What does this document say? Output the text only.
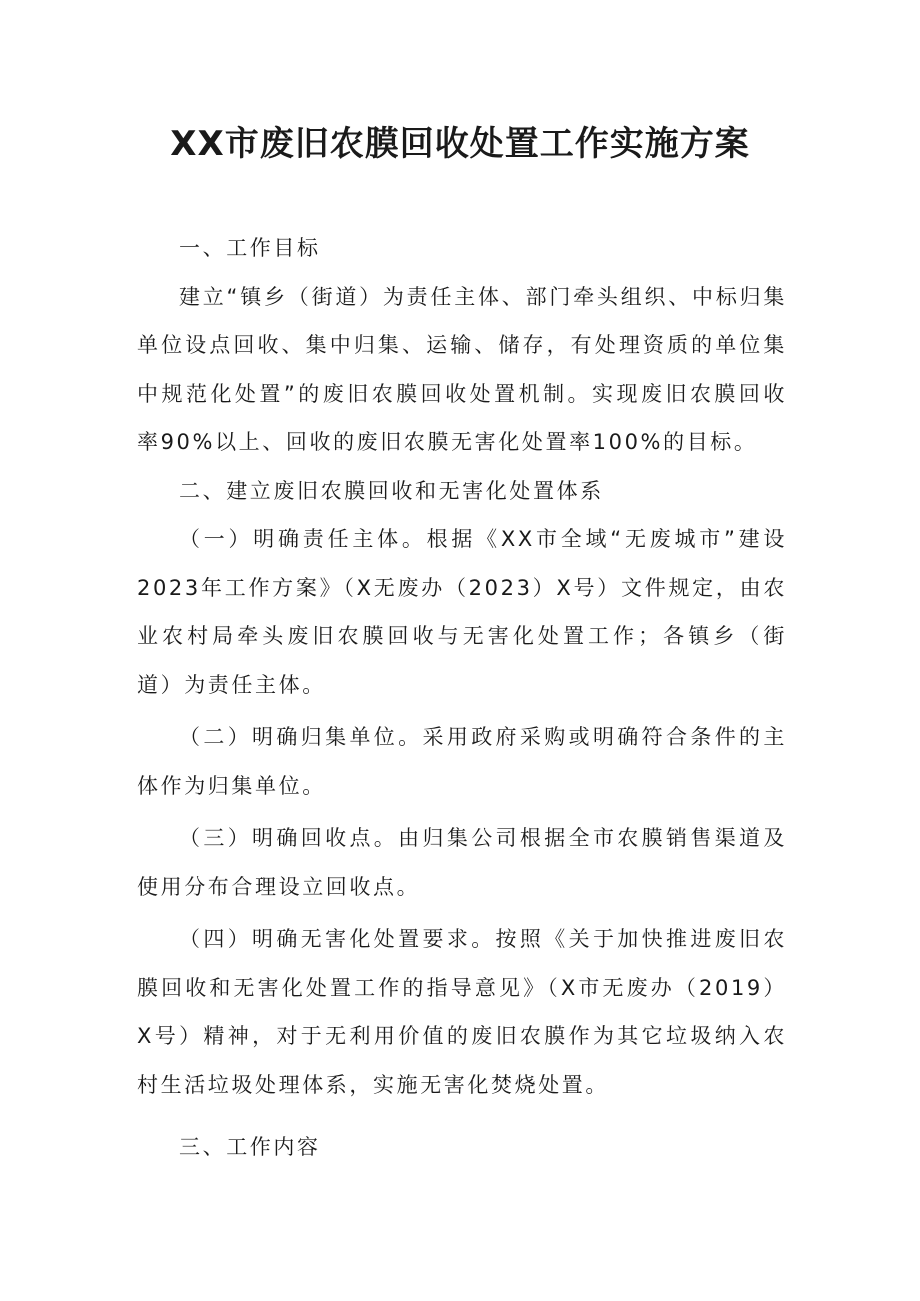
XX市废旧农膜回收处置工作实施方案

一、工作目标

建立“镇乡（街道）为责任主体、部门牵头组织、中标归集单位设点回收、集中归集、运输、储存，有处理资质的单位集中规范化处置”的废旧农膜回收处置机制。实现废旧农膜回收率90%以上、回收的废旧农膜无害化处置率100%的目标。

二、建立废旧农膜回收和无害化处置体系

（一）明确责任主体。根据《XX市全域“无废城市”建设2023年工作方案》（X无废办（2023）X号）文件规定，由农业农村局牵头废旧农膜回收与无害化处置工作；各镇乡（街道）为责任主体。

（二）明确归集单位。采用政府采购或明确符合条件的主体作为归集单位。

（三）明确回收点。由归集公司根据全市农膜销售渠道及使用分布合理设立回收点。

（四）明确无害化处置要求。按照《关于加快推进废旧农膜回收和无害化处置工作的指导意见》（X市无废办（2019）X号）精神，对于无利用价值的废旧农膜作为其它垃圾纳入农村生活垃圾处理体系，实施无害化焚烧处置。

三、工作内容
